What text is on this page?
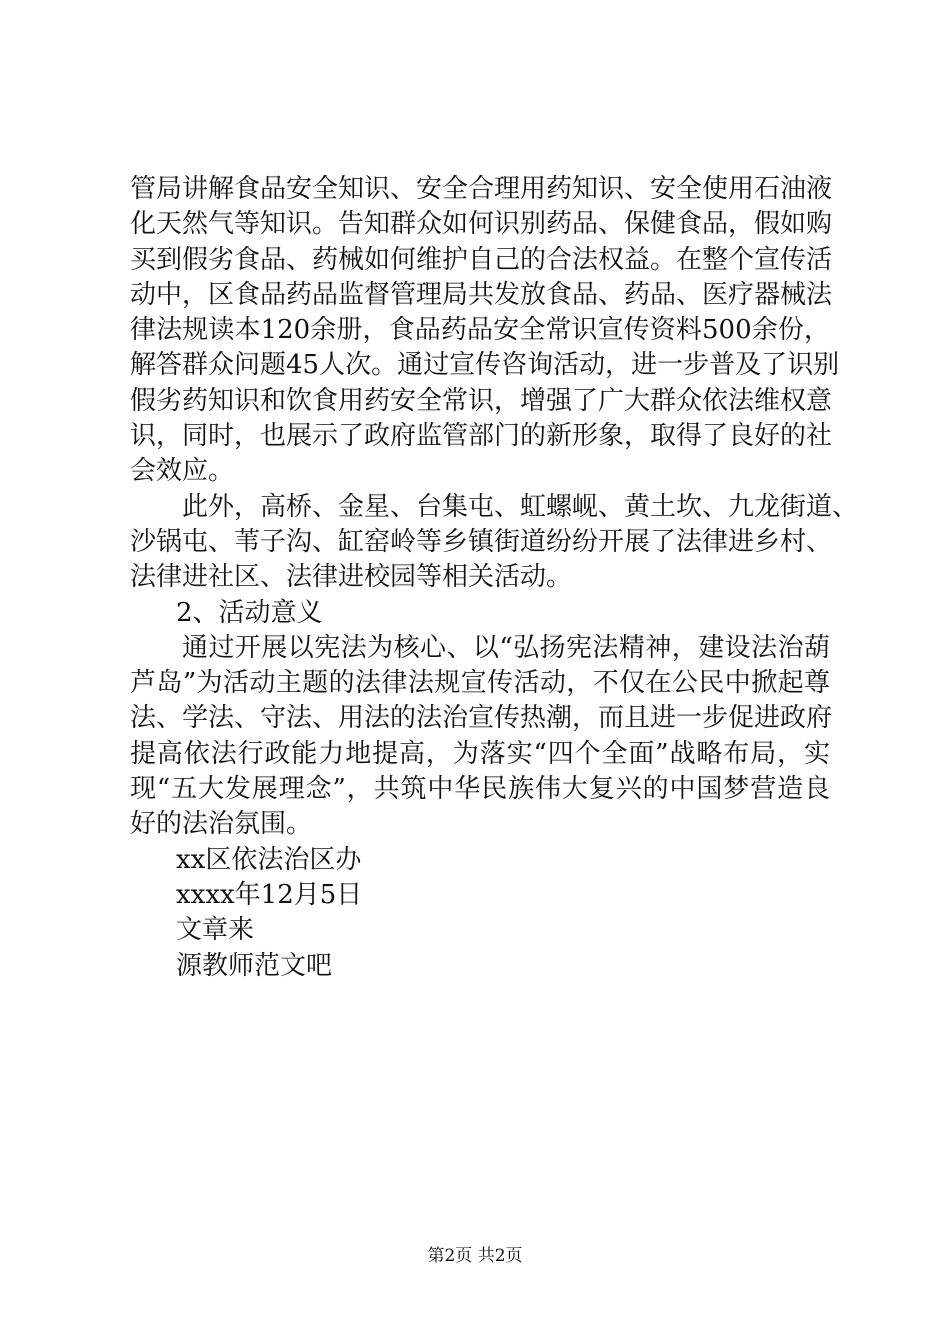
管局讲解食品安全知识、安全合理用药知识、安全使用石油液
化天然气等知识。告知群众如何识别药品、保健食品，假如购
买到假劣食品、药械如何维护自己的合法权益。在整个宣传活
动中，区食品药品监督管理局共发放食品、药品、医疗器械法
律法规读本120余册，食品药品安全常识宣传资料500余份，
解答群众问题45人次。通过宣传咨询活动，进一步普及了识别
假劣药知识和饮食用药安全常识，增强了广大群众依法维权意
识，同时，也展示了政府监管部门的新形象，取得了良好的社
会效应。
此外，高桥、金星、台集屯、虹螺岘、黄土坎、九龙街道、
沙锅屯、苇子沟、缸窑岭等乡镇街道纷纷开展了法律进乡村、
法律进社区、法律进校园等相关活动。
2、活动意义
通过开展以宪法为核心、以“弘扬宪法精神，建设法治葫
芦岛”为活动主题的法律法规宣传活动，不仅在公民中掀起尊
法、学法、守法、用法的法治宣传热潮，而且进一步促进政府
提高依法行政能力地提高，为落实“四个全面”战略布局，实
现“五大发展理念”，共筑中华民族伟大复兴的中国梦营造良
好的法治氛围。
xx区依法治区办
xxxx年12月5日
文章来
源教师范文吧
第2页 共2页
